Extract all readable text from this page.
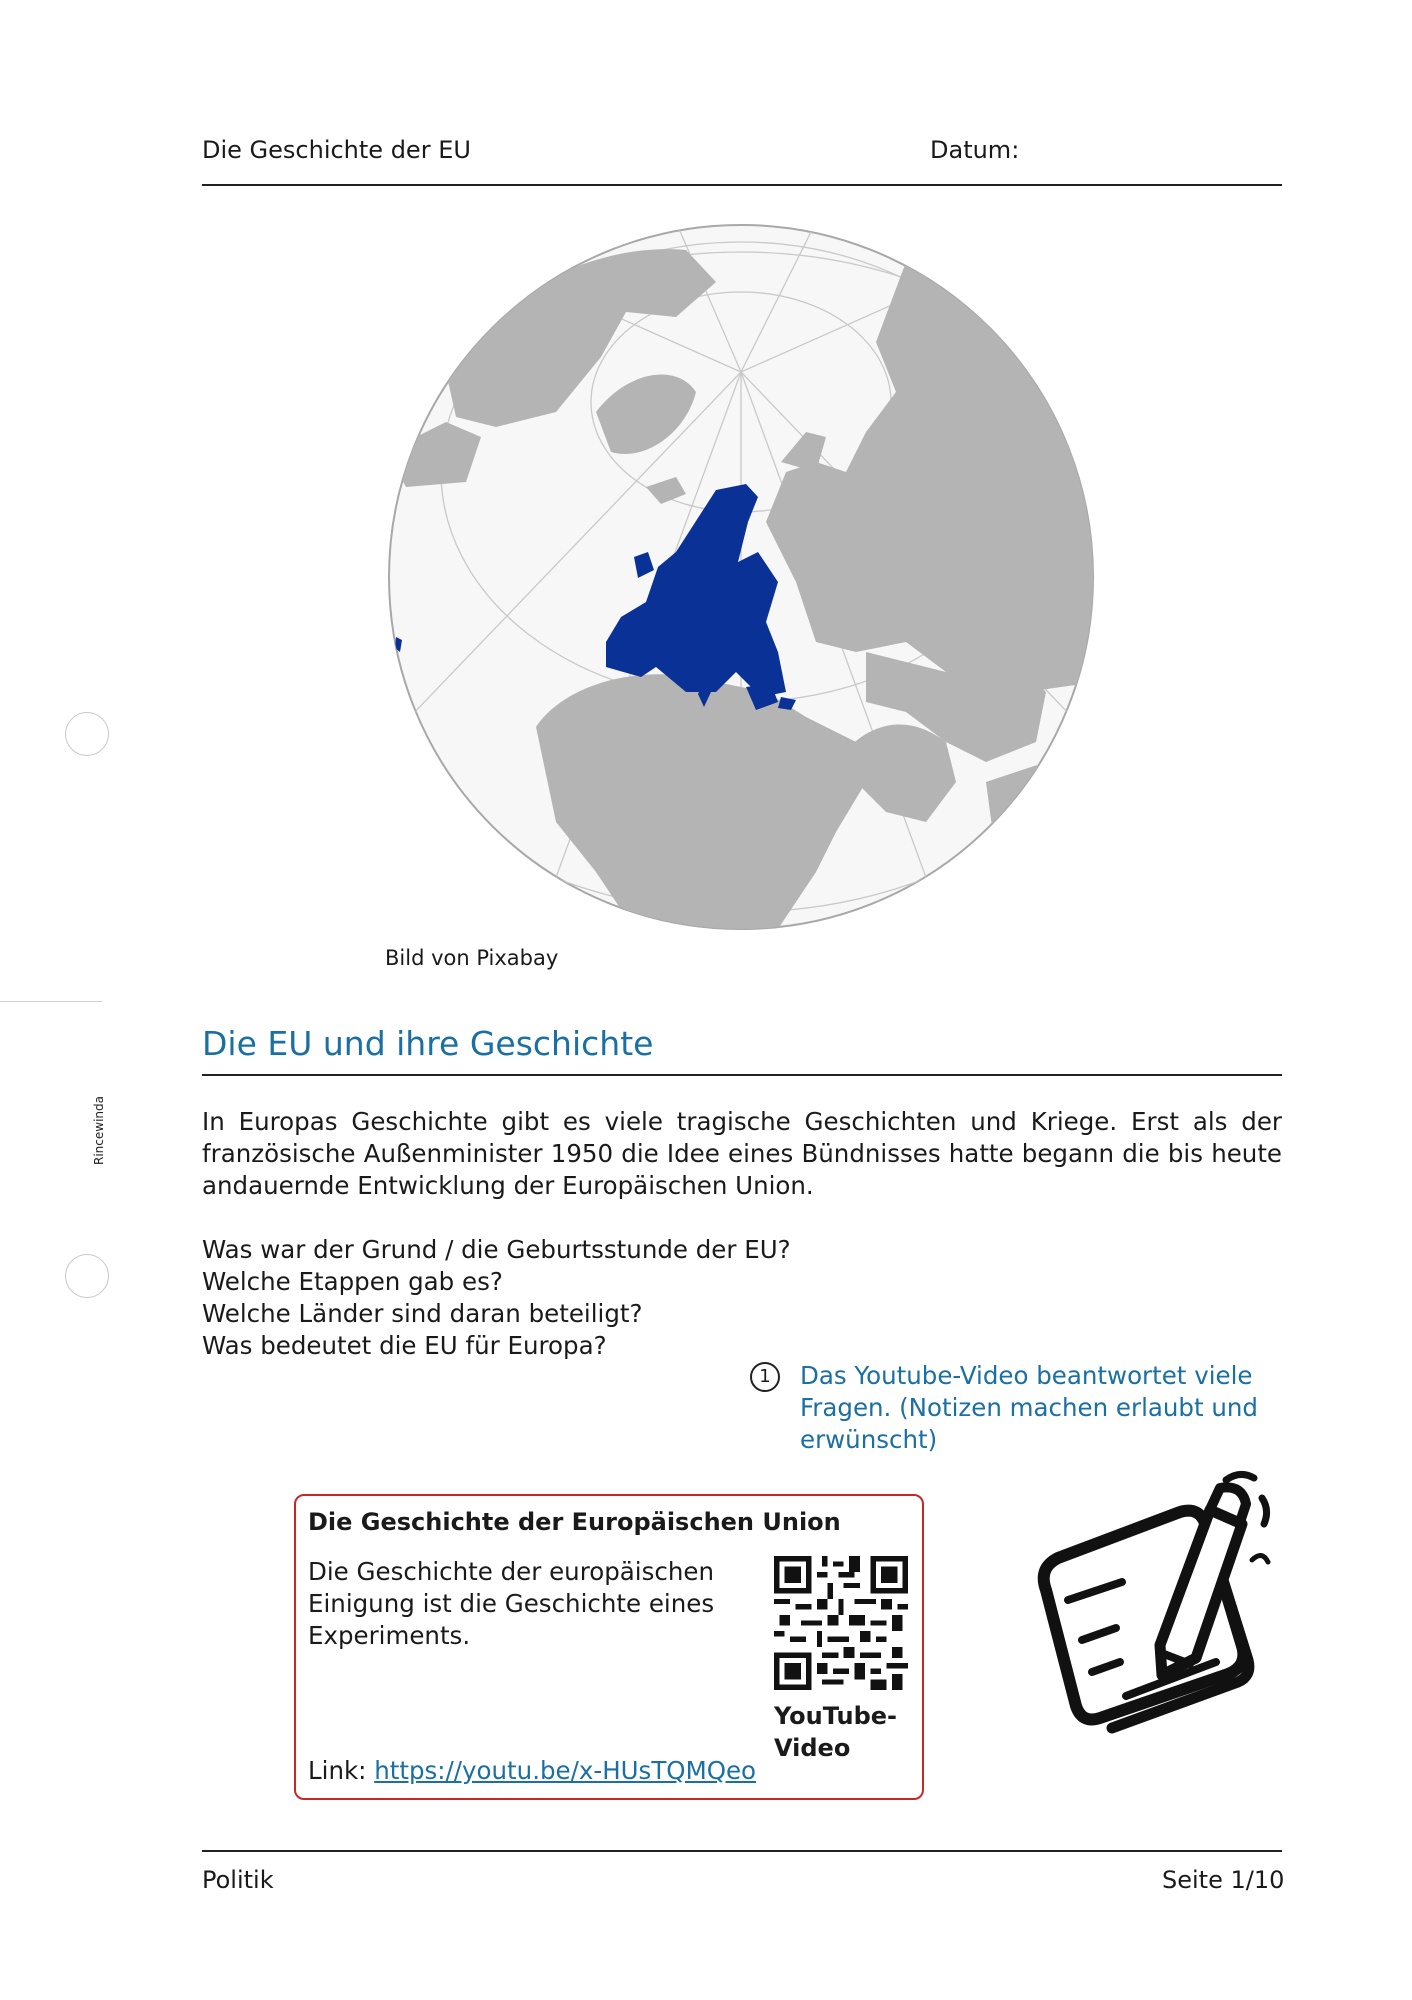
Die Geschichte der EU	Datum:
Rincewinda
Bild von Pixabay
Die EU und ihre Geschichte
In Europas Geschichte gibt es viele tragische Geschichten und Kriege. Erst als der französische Außenminister 1950 die Idee eines Bündnisses hatte begann die bis heute andauernde Entwicklung der Europäischen Union.
Was war der Grund / die Geburtsstunde der EU?
Welche Etappen gab es?
Welche Länder sind daran beteiligt?
Was bedeutet die EU für Europa?
1	Das Youtube-Video beantwortet viele Fragen. (Notizen machen erlaubt und erwünscht)
Die Geschichte der Europäischen Union
Die Geschichte der europäischen Einigung ist die Geschichte eines Experiments.
YouTube-Video
Link: https://youtu.be/x-HUsTQMQeo
Politik	Seite 1/10
